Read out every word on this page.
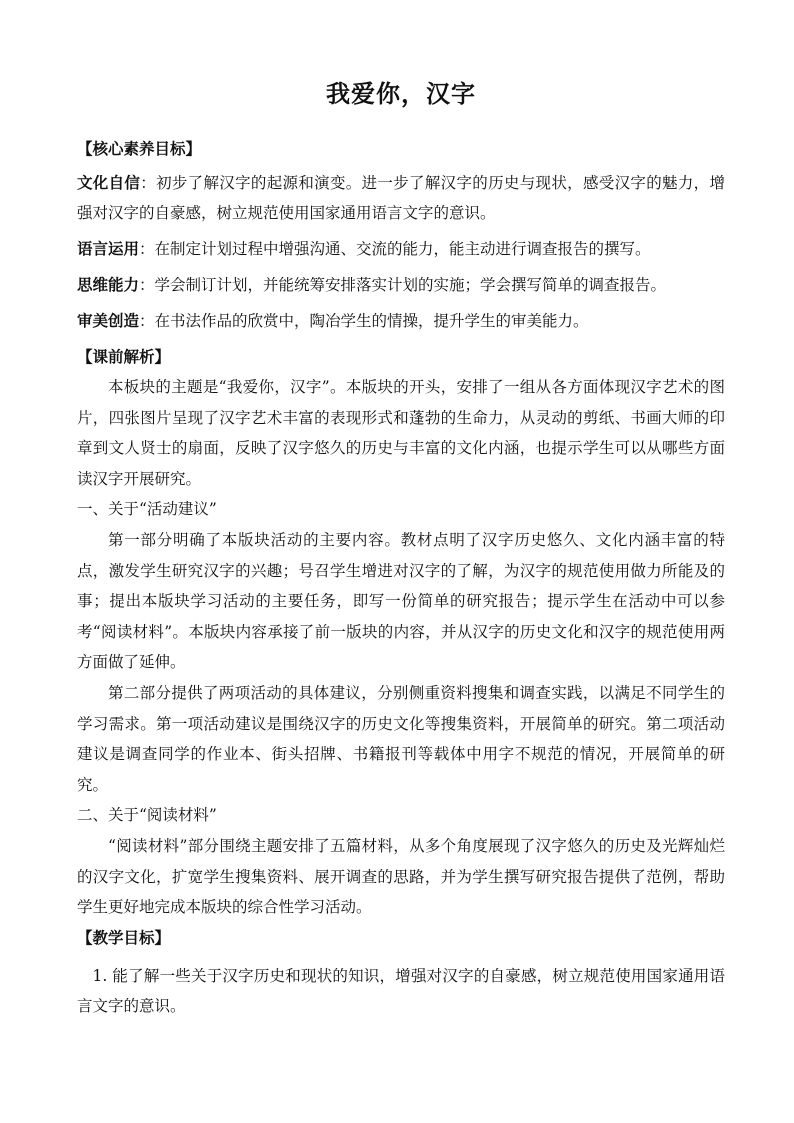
我爱你，汉字
【核心素养目标】

文化自信：初步了解汉字的起源和演变。进一步了解汉字的历史与现状，感受汉字的魅力，增强对汉字的自豪感，树立规范使用国家通用语言文字的意识。

语言运用：在制定计划过程中增强沟通、交流的能力，能主动进行调查报告的撰写。

思维能力：学会制订计划，并能统筹安排落实计划的实施；学会撰写简单的调查报告。

审美创造：在书法作品的欣赏中，陶冶学生的情操，提升学生的审美能力。

【课前解析】

本板块的主题是“我爱你，汉字”。本版块的开头，安排了一组从各方面体现汉字艺术的图片，四张图片呈现了汉字艺术丰富的表现形式和蓬勃的生命力，从灵动的剪纸、书画大师的印章到文人贤士的扇面，反映了汉字悠久的历史与丰富的文化内涵，也提示学生可以从哪些方面读汉字开展研究。

一、关于“活动建议”

第一部分明确了本版块活动的主要内容。教材点明了汉字历史悠久、文化内涵丰富的特点，激发学生研究汉字的兴趣；号召学生增进对汉字的了解，为汉字的规范使用做力所能及的事；提出本版块学习活动的主要任务，即写一份简单的研究报告；提示学生在活动中可以参考“阅读材料”。本版块内容承接了前一版块的内容，并从汉字的历史文化和汉字的规范使用两方面做了延伸。

第二部分提供了两项活动的具体建议，分别侧重资料搜集和调查实践，以满足不同学生的学习需求。第一项活动建议是围绕汉字的历史文化等搜集资料，开展简单的研究。第二项活动建议是调查同学的作业本、街头招牌、书籍报刊等载体中用字不规范的情况，开展简单的研究。

二、关于“阅读材料”

“阅读材料”部分围绕主题安排了五篇材料，从多个角度展现了汉字悠久的历史及光辉灿烂的汉字文化，扩宽学生搜集资料、展开调查的思路，并为学生撰写研究报告提供了范例，帮助学生更好地完成本版块的综合性学习活动。

【教学目标】

1. 能了解一些关于汉字历史和现状的知识，增强对汉字的自豪感，树立规范使用国家通用语言文字的意识。
